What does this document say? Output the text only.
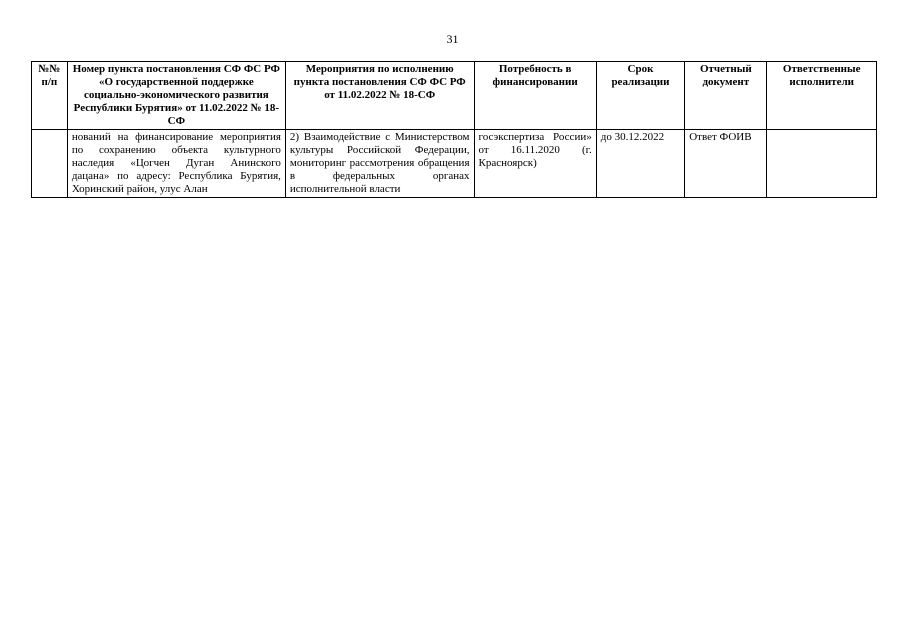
31
№№ п/п	Номер пункта постановления СФ ФС РФ «О государственной поддержке социально-экономического развития Республики Бурятия» от 11.02.2022 № 18-СФ	Мероприятия по исполнению пункта постановления СФ ФС РФ от 11.02.2022 № 18-СФ	Потребность в финансировании	Срок реализации	Отчетный документ	Ответственные исполнители
	нований на финансирование мероприятия по сохранению объекта культурного наследия «Цогчен Дуган Анинского дацана» по адресу: Республика Бурятия, Хоринский район, улус Алан	2) Взаимодействие с Министерством культуры Российской Федерации, мониторинг рассмотрения обращения в федеральных органах исполнительной власти	госэкспертиза России» от 16.11.2020 (г. Красноярск)	до 30.12.2022	Ответ ФОИВ	
